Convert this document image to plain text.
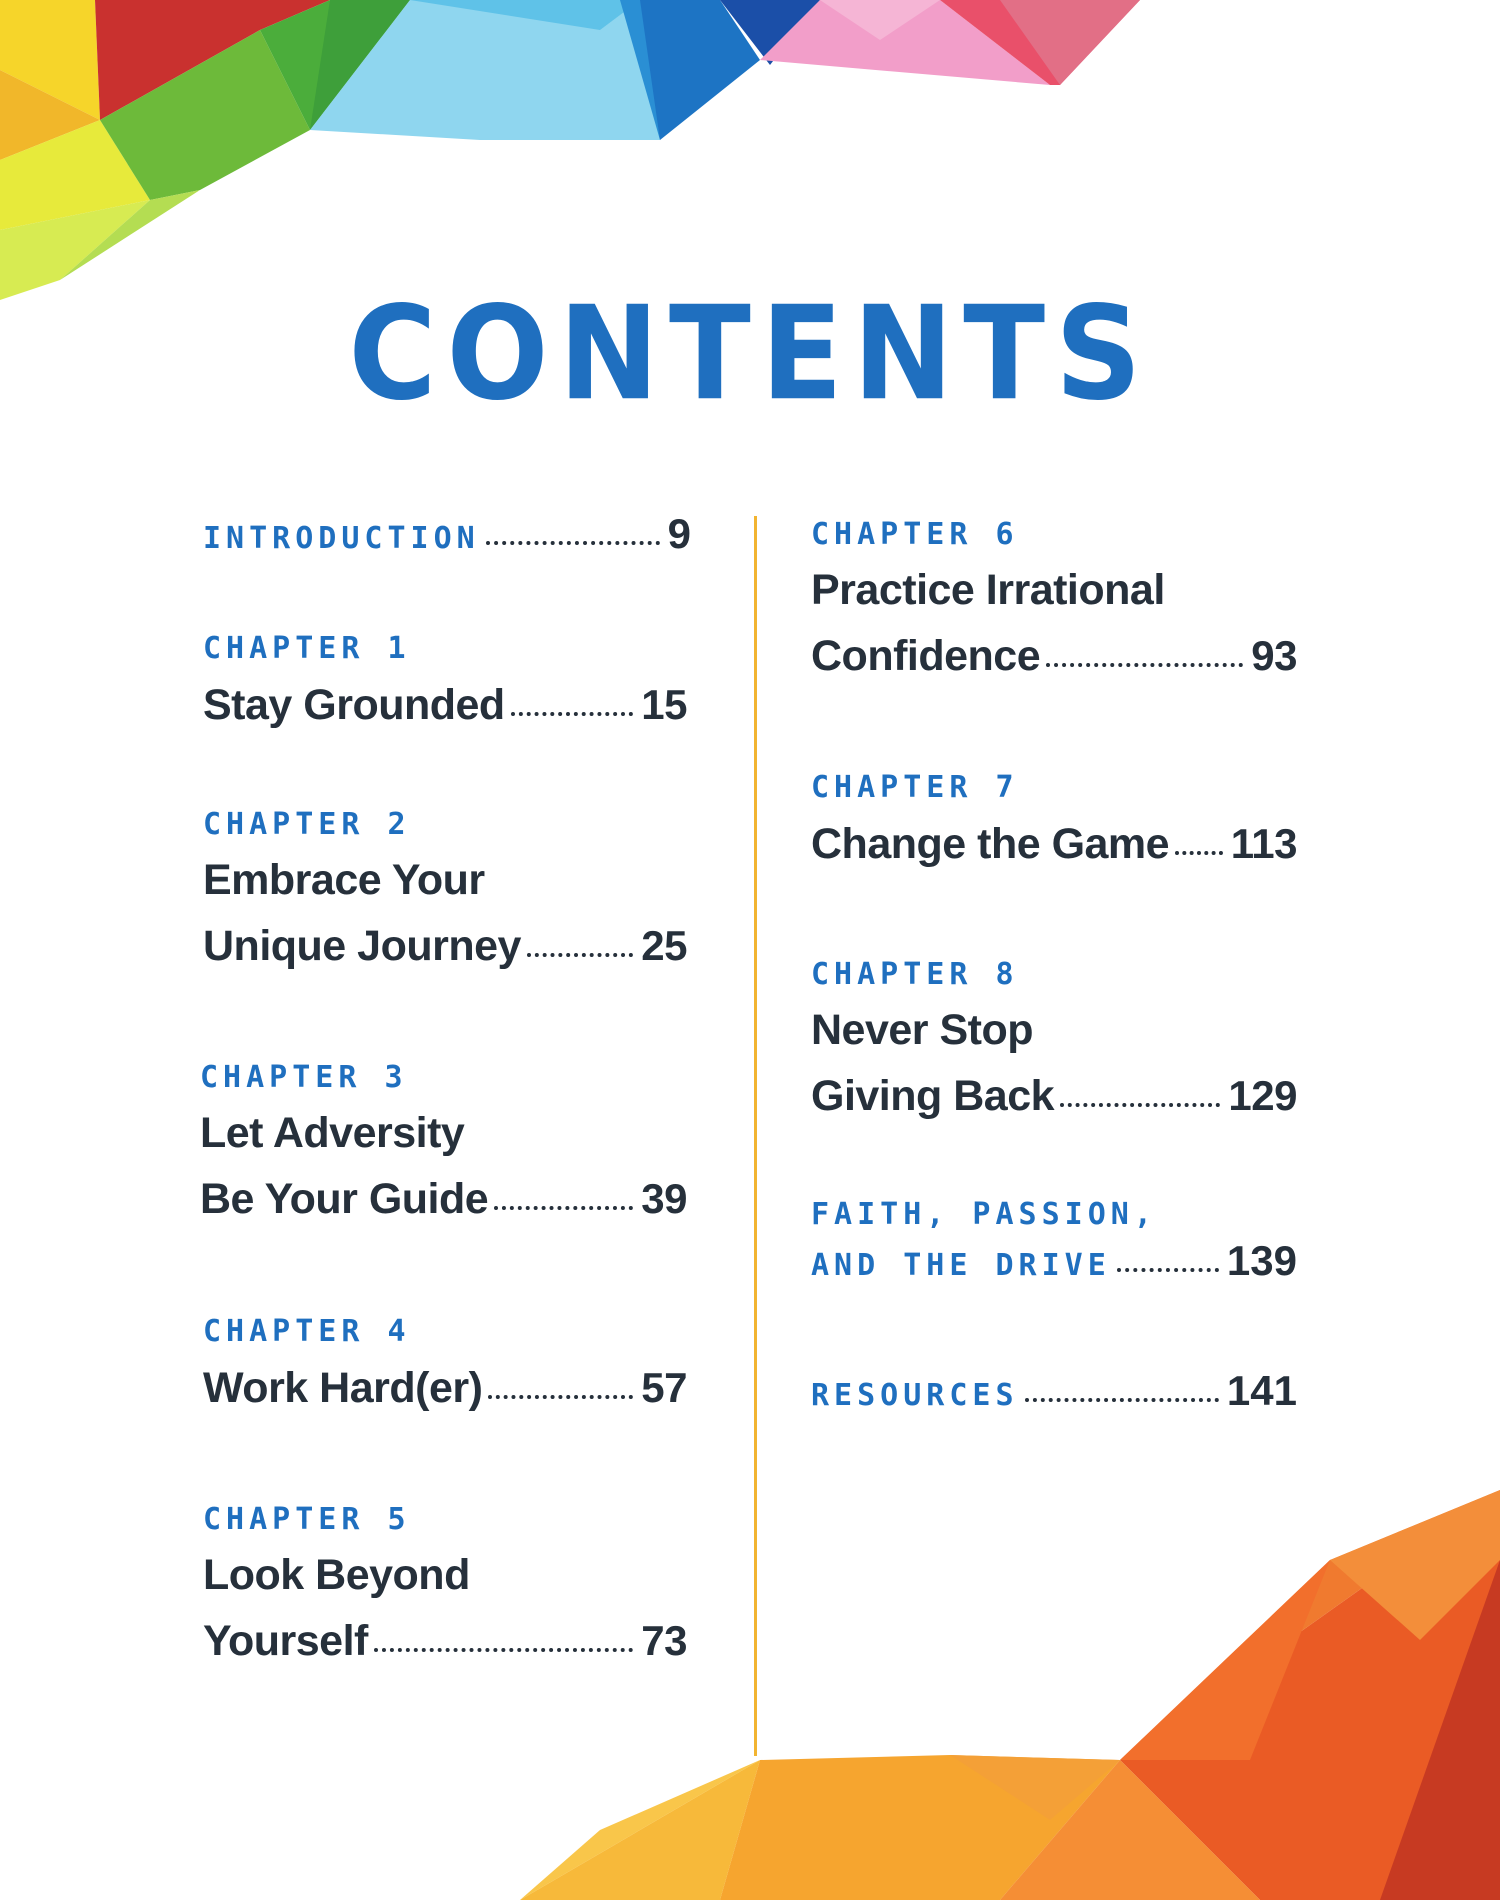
CONTENTS
INTRODUCTION	9
CHAPTER 1
Stay Grounded	15
CHAPTER 2
Embrace Your
Unique Journey	25
CHAPTER 3
Let Adversity
Be Your Guide	39
CHAPTER 4
Work Hard(er)	57
CHAPTER 5
Look Beyond
Yourself	73
CHAPTER 6
Practice Irrational
Confidence	93
CHAPTER 7
Change the Game 113
CHAPTER 8
Never Stop
Giving Back	129
FAITH, PASSION,
AND THE DRIVE	139
RESOURCES	141
